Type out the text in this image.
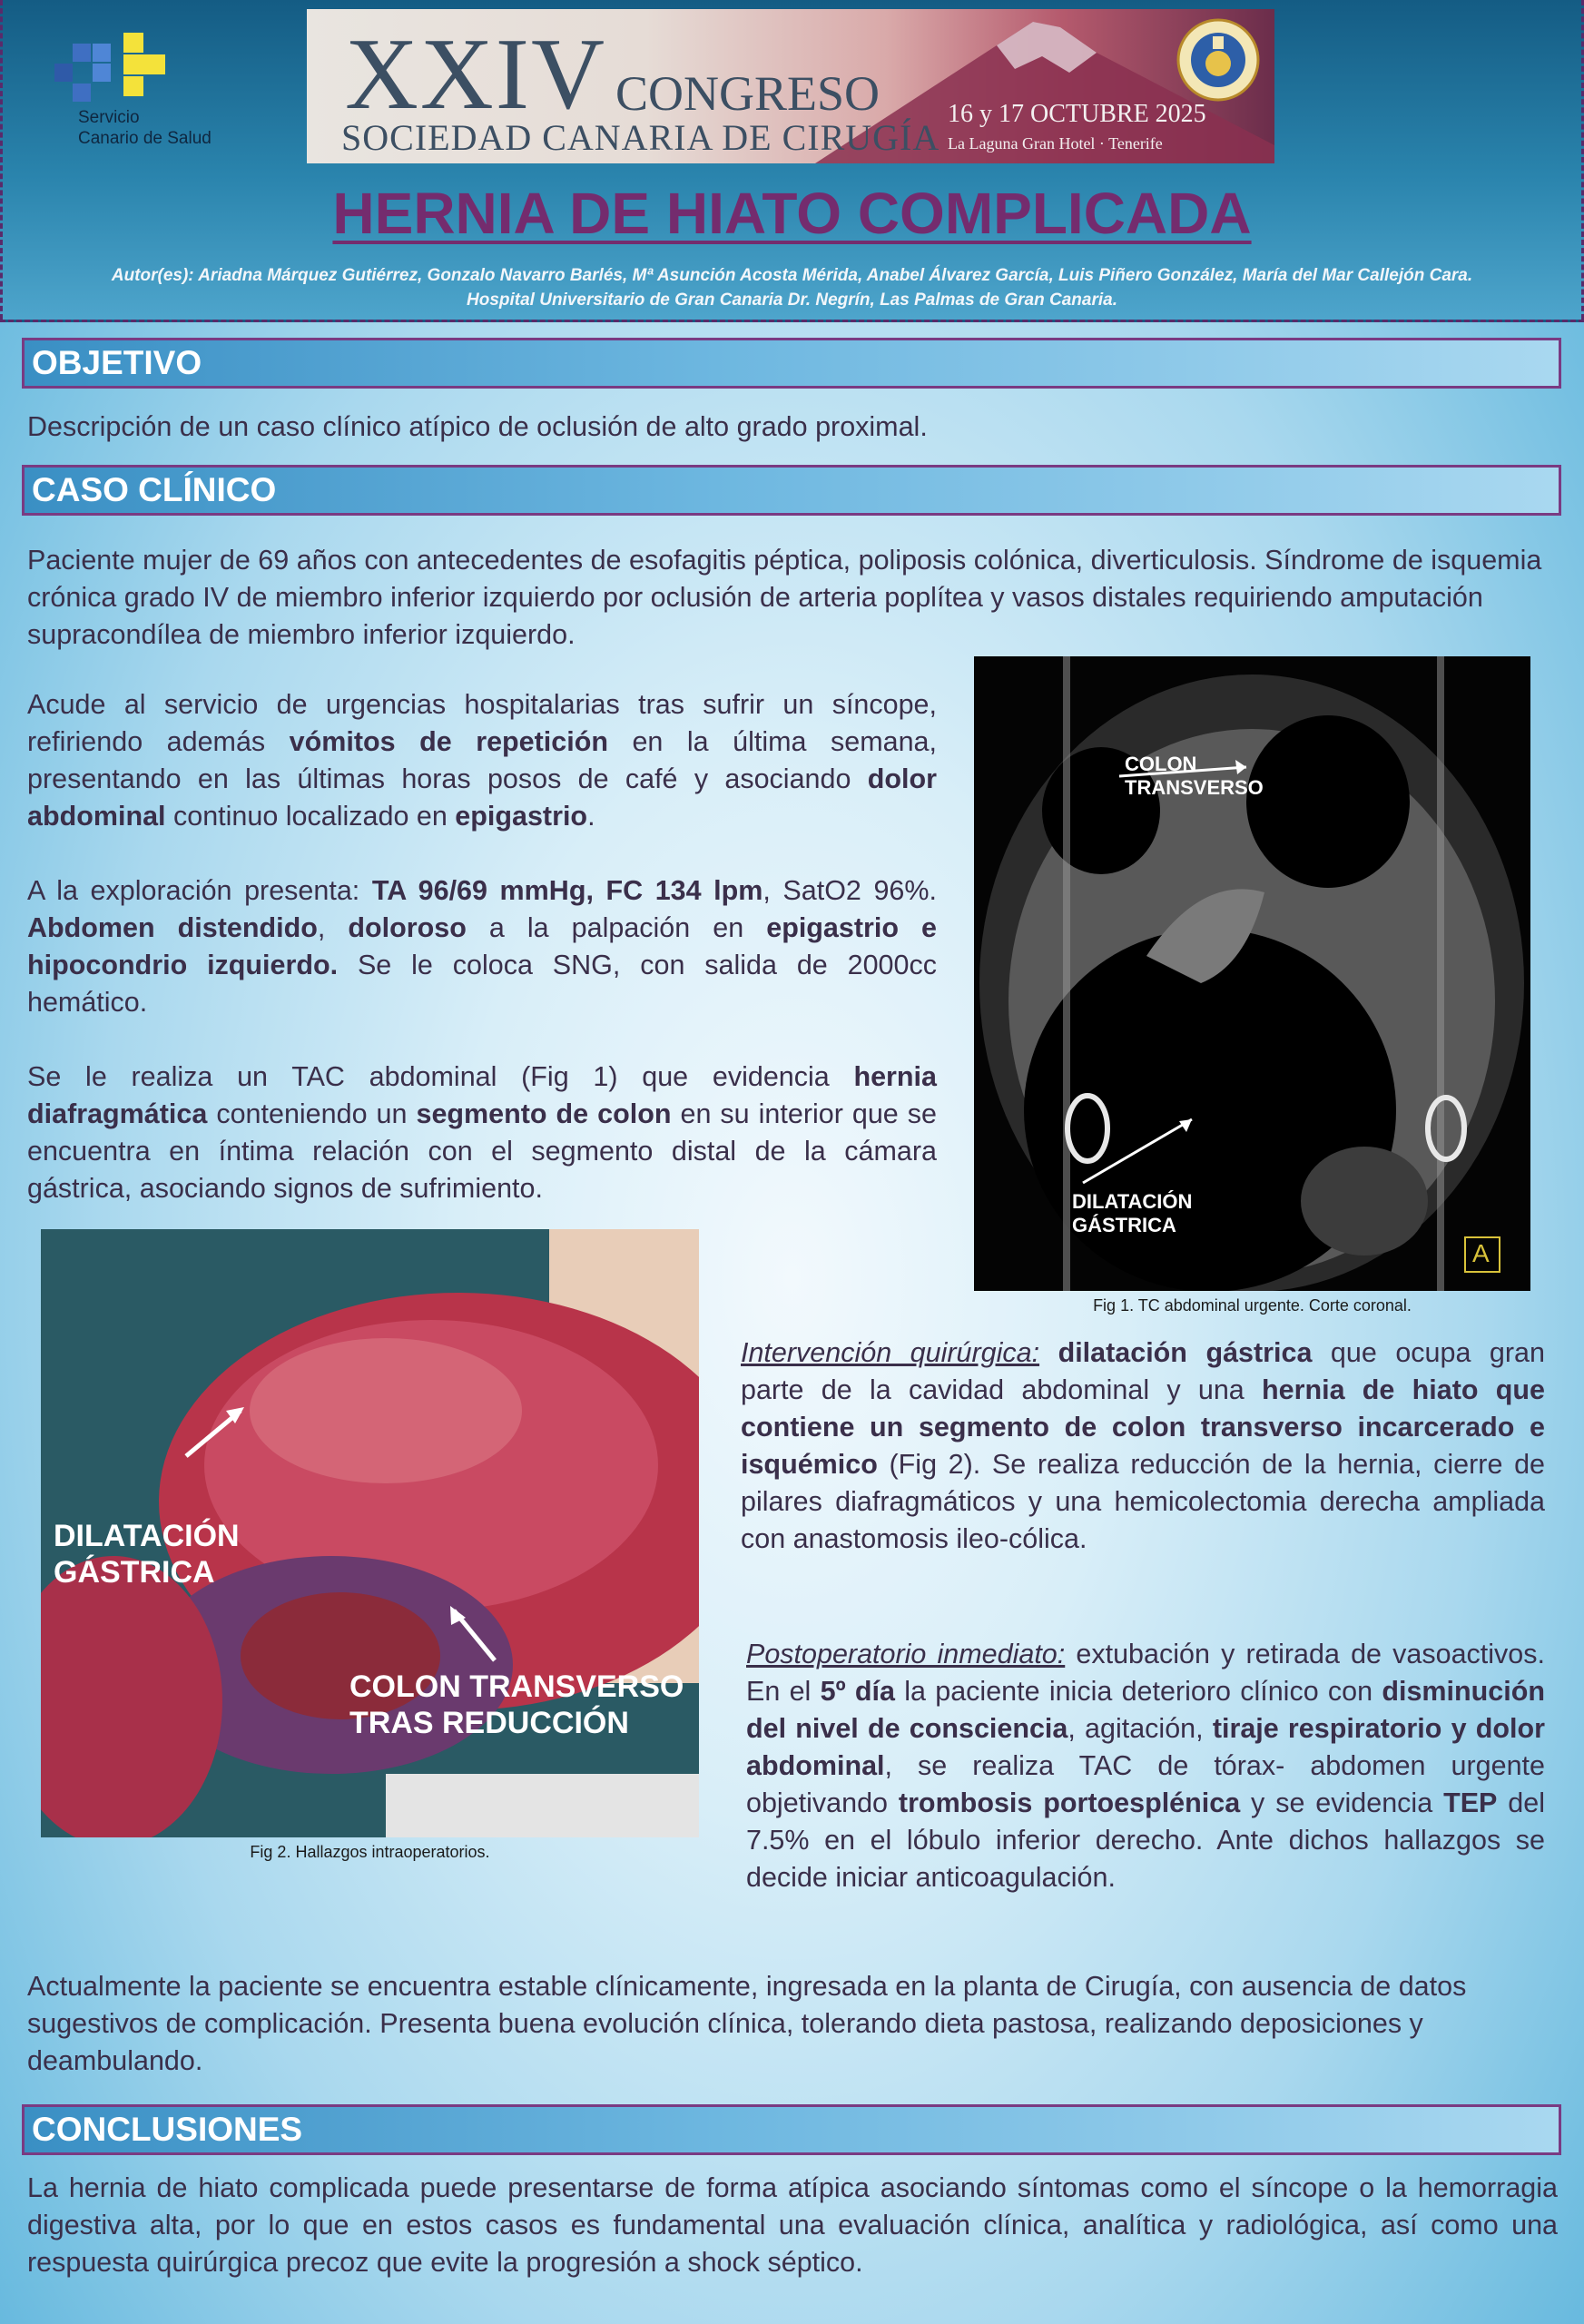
Servicio
Canario de Salud
XXIV CONGRESO
SOCIEDAD CANARIA DE CIRUGÍA
16 y 17 OCTUBRE 2025
La Laguna Gran Hotel · Tenerife
HERNIA DE HIATO COMPLICADA
Autor(es): Ariadna Márquez Gutiérrez, Gonzalo Navarro Barlés, Mª Asunción Acosta Mérida, Anabel Álvarez García, Luis Piñero González, María del Mar Callejón Cara.
Hospital Universitario de Gran Canaria Dr. Negrín, Las Palmas de Gran Canaria.
OBJETIVO
Descripción de un caso clínico atípico de oclusión de alto grado proximal.
CASO CLÍNICO
Paciente mujer de 69 años con antecedentes de esofagitis péptica, poliposis colónica, diverticulosis. Síndrome de isquemia crónica grado IV de miembro inferior izquierdo por oclusión de arteria poplítea y vasos distales requiriendo amputación supracondílea de miembro inferior izquierdo.
Acude al servicio de urgencias hospitalarias tras sufrir un síncope, refiriendo además vómitos de repetición en la última semana, presentando en las últimas horas posos de café y asociando dolor abdominal continuo localizado en epigastrio.
A la exploración presenta: TA 96/69 mmHg, FC 134 lpm, SatO2 96%. Abdomen distendido, doloroso a la palpación en epigastrio e hipocondrio izquierdo. Se le coloca SNG, con salida de 2000cc hemático.
Se le realiza un TAC abdominal (Fig 1) que evidencia hernia diafragmática conteniendo un segmento de colon en su interior que se encuentra en íntima relación con el segmento distal de la cámara gástrica, asociando signos de sufrimiento.
COLON
TRANSVERSO
DILATACIÓN
GÁSTRICA
A
Fig 1. TC abdominal urgente. Corte coronal.
DILATACIÓN
GÁSTRICA
COLON TRANSVERSO
TRAS REDUCCIÓN
Fig 2. Hallazgos intraoperatorios.
Intervención quirúrgica: dilatación gástrica que ocupa gran parte de la cavidad abdominal y una hernia de hiato que contiene un segmento de colon transverso incarcerado e isquémico (Fig 2). Se realiza reducción de la hernia, cierre de pilares diafragmáticos y una hemicolectomia derecha ampliada con anastomosis ileo-cólica.
Postoperatorio inmediato: extubación y retirada de vasoactivos. En el 5º día la paciente inicia deterioro clínico con disminución del nivel de consciencia, agitación, tiraje respiratorio y dolor abdominal, se realiza TAC de tórax- abdomen urgente objetivando trombosis portoesplénica y se evidencia TEP del 7.5% en el lóbulo inferior derecho. Ante dichos hallazgos se decide iniciar anticoagulación.
Actualmente la paciente se encuentra estable clínicamente, ingresada en la planta de Cirugía, con ausencia de datos sugestivos de complicación. Presenta buena evolución clínica, tolerando dieta pastosa, realizando deposiciones y deambulando.
CONCLUSIONES
La hernia de hiato complicada puede presentarse de forma atípica asociando síntomas como el síncope o la hemorragia digestiva alta, por lo que en estos casos es fundamental una evaluación clínica, analítica y radiológica, así como una respuesta quirúrgica precoz que evite la progresión a shock séptico.
